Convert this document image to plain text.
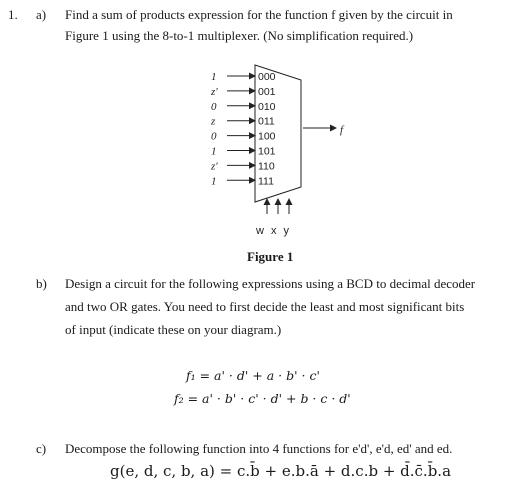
1. a) Find a sum of products expression for the function f given by the circuit in
Figure 1 using the 8-to-1 multiplexer. (No simplification required.)
1	000
z'	001
0	010
z	011
0	100
1	101
z'	110
1	111
f
w x y
Figure 1
b) Design a circuit for the following expressions using a BCD to decimal decoder
and two OR gates. You need to first decide the least and most significant bits
of input (indicate these on your diagram.)
f₁ = a' · d' + a · b' · c'
f₂ = a' · b' · c' · d' + b · c · d'
c) Decompose the following function into 4 functions for e'd', e'd, ed' and ed.
g(e, d, c, b, a) = c.b̄ + e.b.ā + d.c.b + d̄.c̄.b̄.a
